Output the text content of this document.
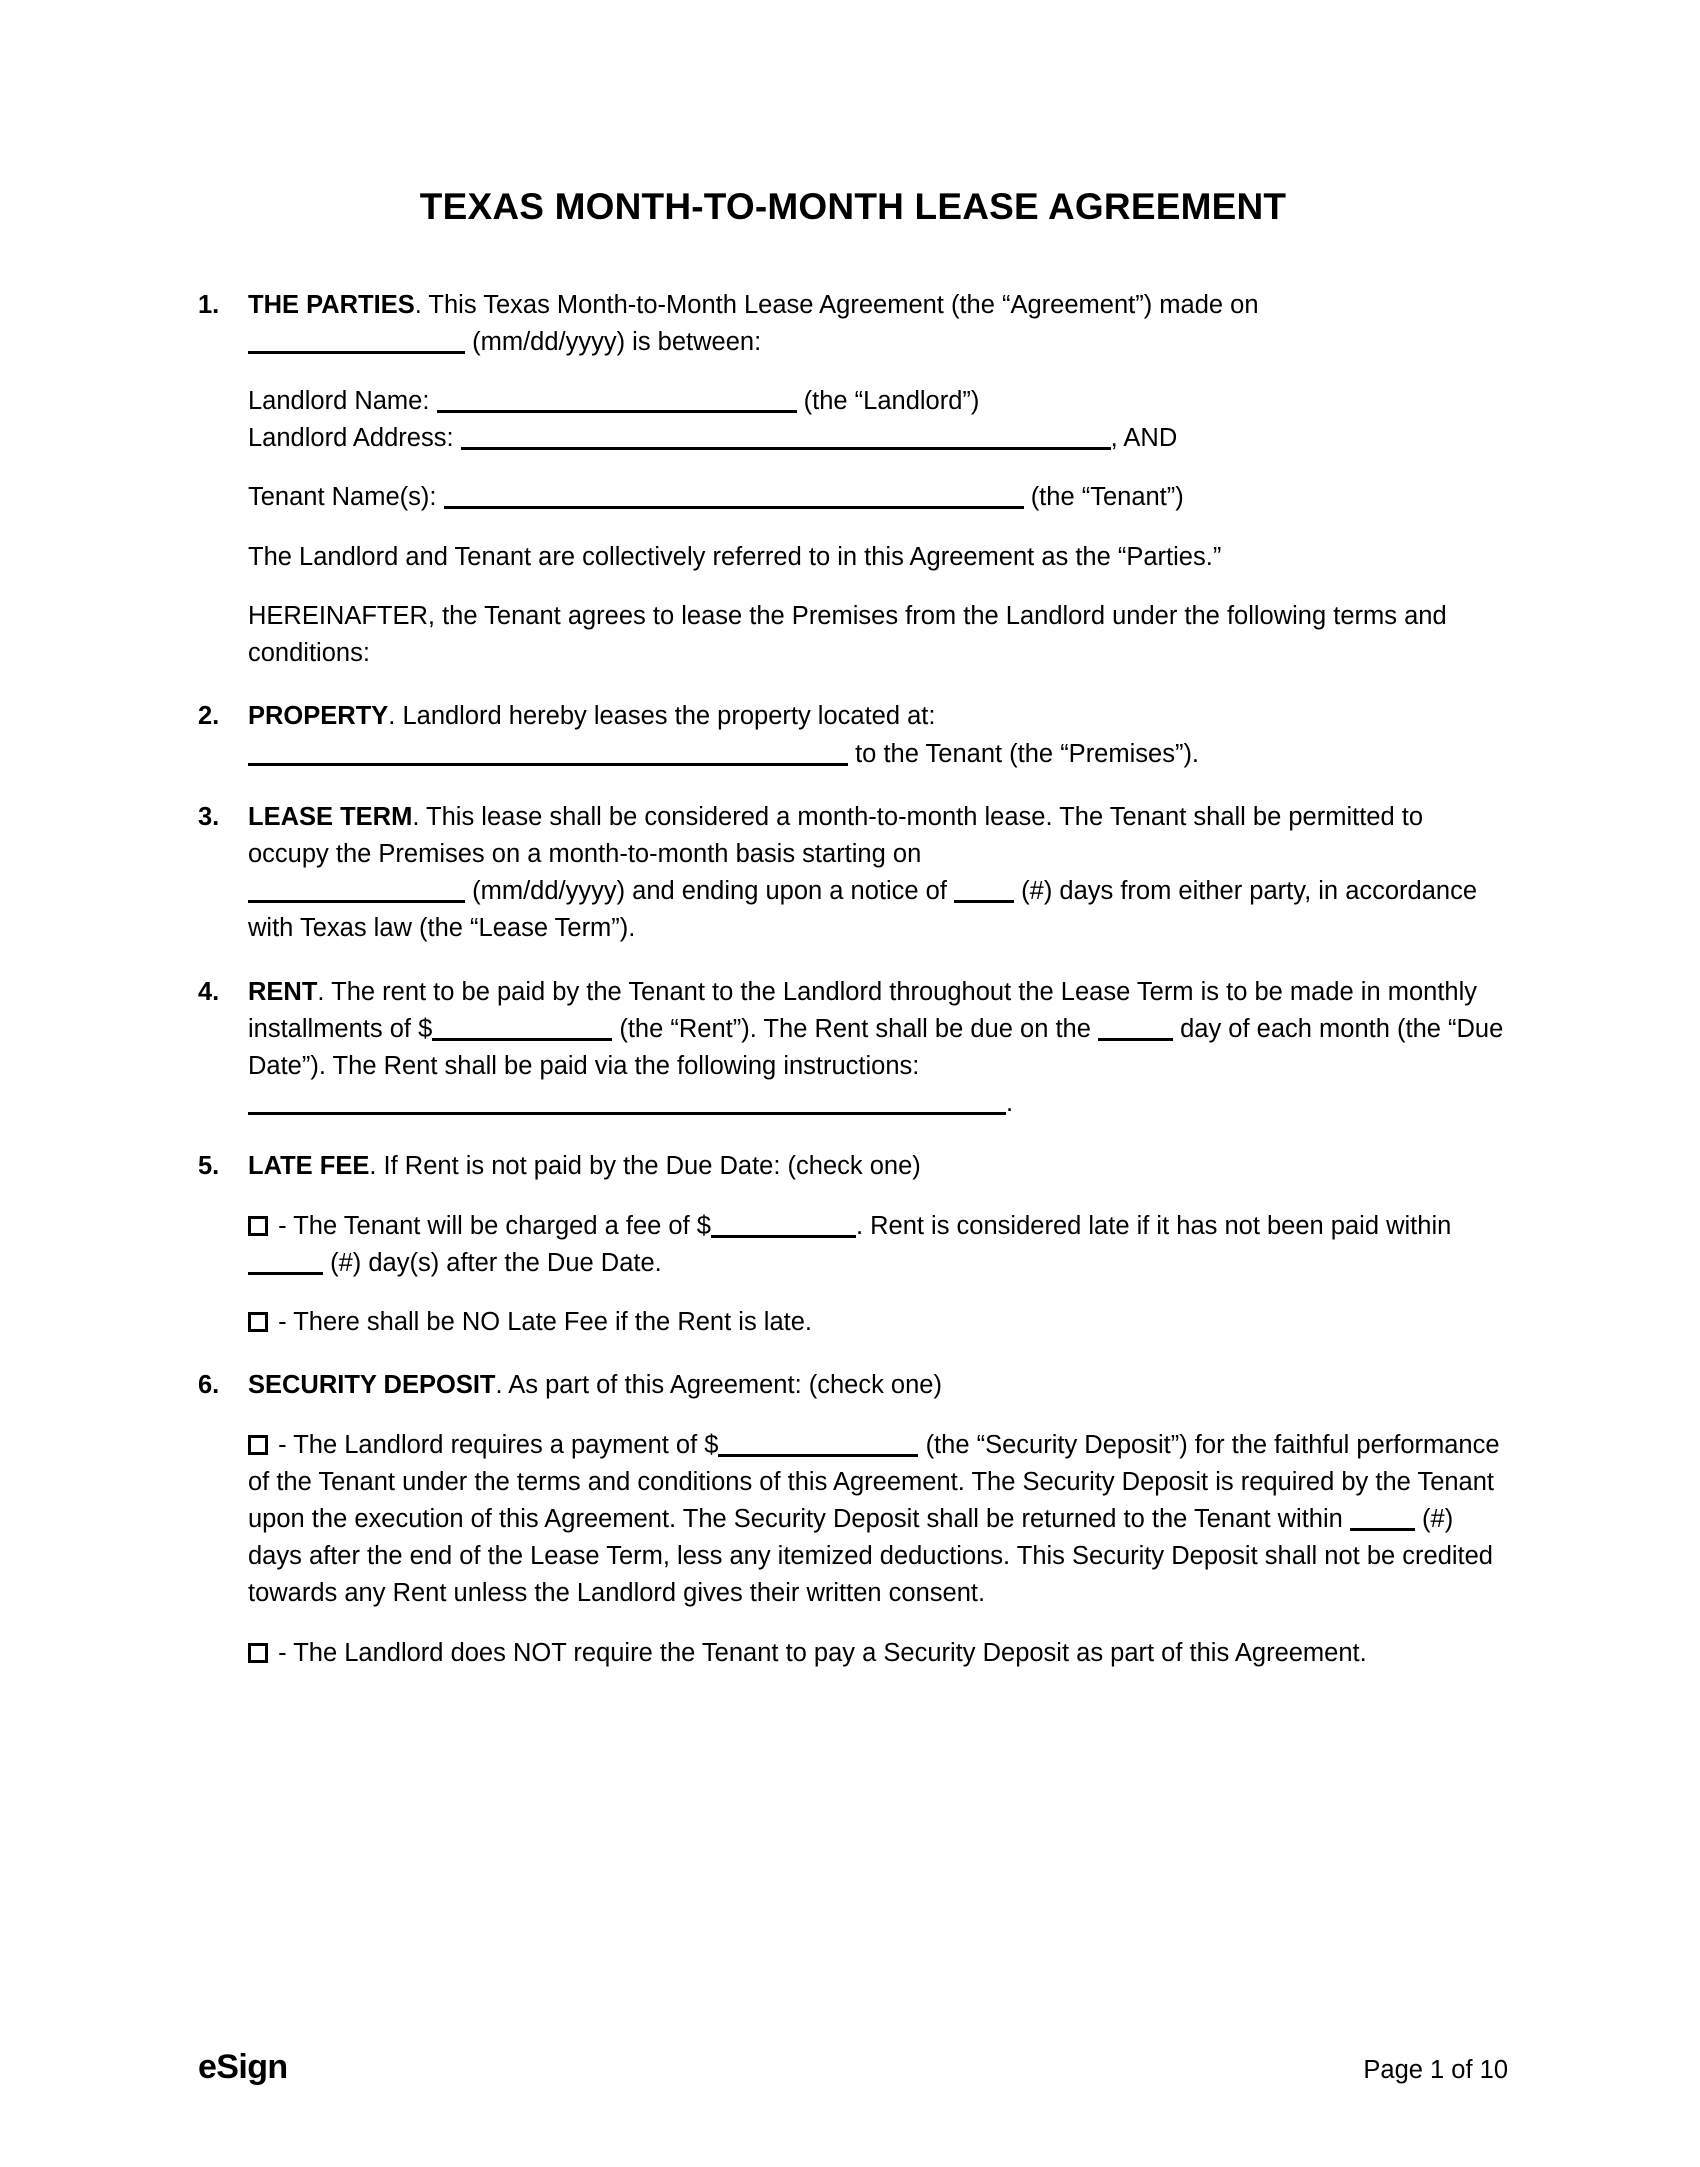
TEXAS MONTH-TO-MONTH LEASE AGREEMENT
1.	THE PARTIES. This Texas Month-to-Month Lease Agreement (the “Agreement”) made on
(mm/dd/yyyy) is between:
Landlord Name:	(the “Landlord”)
Landlord Address:	, AND
Tenant Name(s):	(the “Tenant”)
The Landlord and Tenant are collectively referred to in this Agreement as the “Parties.”
HEREINAFTER, the Tenant agrees to lease the Premises from the Landlord under the following terms and conditions:
2.	PROPERTY. Landlord hereby leases the property located at:
to the Tenant (the “Premises”).
3.	LEASE TERM. This lease shall be considered a month-to-month lease. The Tenant shall be permitted to occupy the Premises on a month-to-month basis starting on
(mm/dd/yyyy) and ending upon a notice of	(#) days from either party, in accordance with Texas law (the “Lease Term”).
4.	RENT. The rent to be paid by the Tenant to the Landlord throughout the Lease Term is to be made in monthly installments of $	(the “Rent”). The Rent shall be due on the	day of each month (the “Due Date”). The Rent shall be paid via the following instructions: .
5.	LATE FEE. If Rent is not paid by the Due Date: (check one)
- The Tenant will be charged a fee of $	. Rent is considered late if it has not been paid within  (#) day(s) after the Due Date.
- There shall be NO Late Fee if the Rent is late.
6.	SECURITY DEPOSIT. As part of this Agreement: (check one)
- The Landlord requires a payment of $	(the “Security Deposit”) for the faithful performance of the Tenant under the terms and conditions of this Agreement. The Security Deposit is required by the Tenant upon the execution of this Agreement. The Security Deposit shall be returned to the Tenant within	(#) days after the end of the Lease Term, less any itemized deductions. This Security Deposit shall not be credited towards any Rent unless the Landlord gives their written consent.
- The Landlord does NOT require the Tenant to pay a Security Deposit as part of this Agreement.
eSign	Page 1 of 10
